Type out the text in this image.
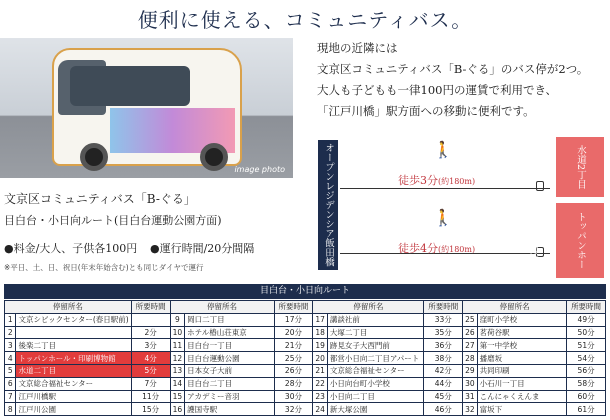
便利に使える、コミュニティバス。
image photo
現地の近隣には
文京区コミュニティバス「B-ぐる」のバス停が2つ。
大人も子どもも一律100円の運賃で利用でき、
「江戸川橋」駅方面への移動に便利です。
文京区コミュニティバス「B-ぐる」
目白台・小日向ルート(目白台運動公園方面)
●料金/大人、子供各100円 ●運行時間/20分間隔
※平日、土、日、祝日(年末年始含む)とも同じダイヤで運行
オープンレジデンシア飯田橋	🚶
徒歩3分(約180m)	水道2丁目
🚶
徒歩4分(約180m)	トッパンホール・印刷博物館
目白台・小日向ルート
停留所名		所要時間	停留所名		所要時間	停留所名		所要時間	停留所名		所要時間
1	文京シビックセンター(春日駅前)		9	岡口二丁目	17分	17	講談社前	33分	25	窪町小学校	49分
2		2分	10	ホテル椿山荘東京	20分	18	大塚二丁目	35分	26	茗荷谷駅	50分
3	後楽二丁目	3分	11	目白台一丁目	21分	19	跡見女子大西門前	36分	27	第一中学校	51分
4	トッパンホール・印刷博物館	4分	12	目白台運動公園	25分	20	都営小日向二丁目アパート	38分	28	播磨坂	54分
5	水道二丁目	5分	13	日本女子大前	26分	21	文京総合福祉センター	42分	29	共同印刷	56分
6	文京総合福祉センター	7分	14	目白台二丁目	28分	22	小日向台町小学校	44分	30	小石川一丁目	58分
7	江戸川橋駅	11分	15	アカデミー音羽	30分	23	小日向二丁目	45分	31	こんにゃくえんま	60分
8	江戸川公園	15分	16	護国寺駅	32分	24	新大塚公園	46分	32	富坂下	61分
